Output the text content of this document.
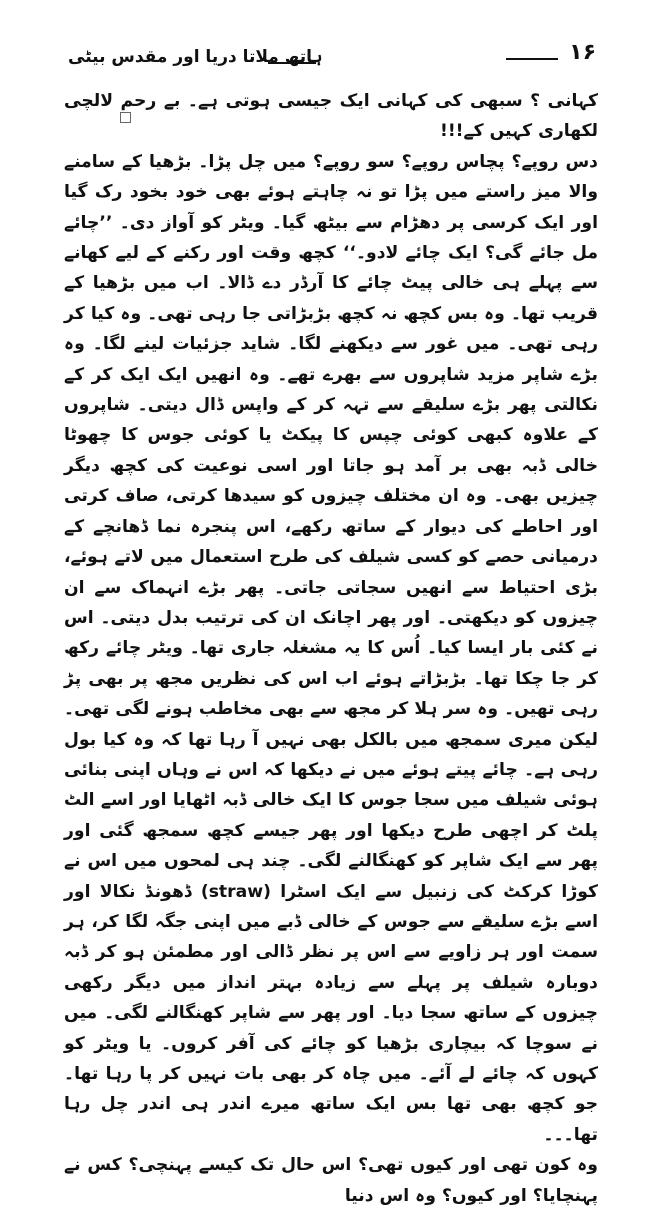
۱۶
ہاتھ ملاتا دریا اور مقدس بیٹی

کہانی ؟ سبھی کی کہانی ایک جیسی ہوتی ہے۔ بے رحم لالچی لکھاری کہیں کے!!!

دس روپے؟ پچاس روپے؟ سو روپے؟ میں چل پڑا۔ بڑھیا کے سامنے والا میز راستے میں پڑا تو نہ چاہتے ہوئے بھی خود بخود رک گیا اور ایک کرسی پر دھڑام سے بیٹھ گیا۔ ویٹر کو آواز دی۔ ’’چائے مل جائے گی؟ ایک چائے لادو۔‘‘ کچھ وقت اور رکنے کے لیے کھانے سے پہلے ہی خالی پیٹ چائے کا آرڈر دے ڈالا۔ اب میں بڑھیا کے قریب تھا۔ وہ بس کچھ نہ کچھ بڑبڑاتی جا رہی تھی۔ وہ کیا کر رہی تھی۔ میں غور سے دیکھنے لگا۔ شاید جزئیات لینے لگا۔ وہ بڑے شاپر مزید شاپروں سے بھرے تھے۔ وہ انھیں ایک ایک کر کے نکالتی پھر بڑے سلیقے سے تہہ کر کے واپس ڈال دیتی۔ شاپروں کے علاوہ کبھی کوئی چپس کا پیکٹ یا کوئی جوس کا چھوٹا خالی ڈبہ بھی بر آمد ہو جاتا اور اسی نوعیت کی کچھ دیگر چیزیں بھی۔ وہ ان مختلف چیزوں کو سیدھا کرتی، صاف کرتی اور احاطے کی دیوار کے ساتھ رکھے، اس پنجرہ نما ڈھانچے کے درمیانی حصے کو کسی شیلف کی طرح استعمال میں لاتے ہوئے، بڑی احتیاط سے انھیں سجاتی جاتی۔ پھر بڑے انہماک سے ان چیزوں کو دیکھتی۔ اور پھر اچانک ان کی ترتیب بدل دیتی۔ اس نے کئی بار ایسا کیا۔ اُس کا یہ مشغلہ جاری تھا۔ ویٹر چائے رکھ کر جا چکا تھا۔ بڑبڑاتے ہوئے اب اس کی نظریں مجھ پر بھی پڑ رہی تھیں۔ وہ سر ہلا کر مجھ سے بھی مخاطب ہونے لگی تھی۔ لیکن میری سمجھ میں بالکل بھی نہیں آ رہا تھا کہ وہ کیا بول رہی ہے۔ چائے پیتے ہوئے میں نے دیکھا کہ اس نے وہاں اپنی بنائی ہوئی شیلف میں سجا جوس کا ایک خالی ڈبہ اٹھایا اور اسے الٹ پلٹ کر اچھی طرح دیکھا اور پھر جیسے کچھ سمجھ گئی اور پھر سے ایک شاپر کو کھنگالنے لگی۔ چند ہی لمحوں میں اس نے کوڑا کرکٹ کی زنبیل سے ایک اسٹرا (straw) ڈھونڈ نکالا اور اسے بڑے سلیقے سے جوس کے خالی ڈبے میں اپنی جگہ لگا کر، ہر سمت اور ہر زاویے سے اس پر نظر ڈالی اور مطمئن ہو کر ڈبہ دوبارہ شیلف پر پہلے سے زیادہ بہتر انداز میں دیگر رکھی چیزوں کے ساتھ سجا دیا۔ اور پھر سے شاپر کھنگالنے لگی۔ میں نے سوچا کہ بیچاری بڑھیا کو چائے کی آفر کروں۔ یا ویٹر کو کہوں کہ چائے لے آئے۔ میں چاہ کر بھی بات نہیں کر پا رہا تھا۔ جو کچھ بھی تھا بس ایک ساتھ میرے اندر ہی اندر چل رہا تھا۔۔۔

وہ کون تھی اور کیوں تھی؟ اس حال تک کیسے پہنچی؟ کس نے پہنچایا؟ اور کیوں؟ وہ اس دنیا
